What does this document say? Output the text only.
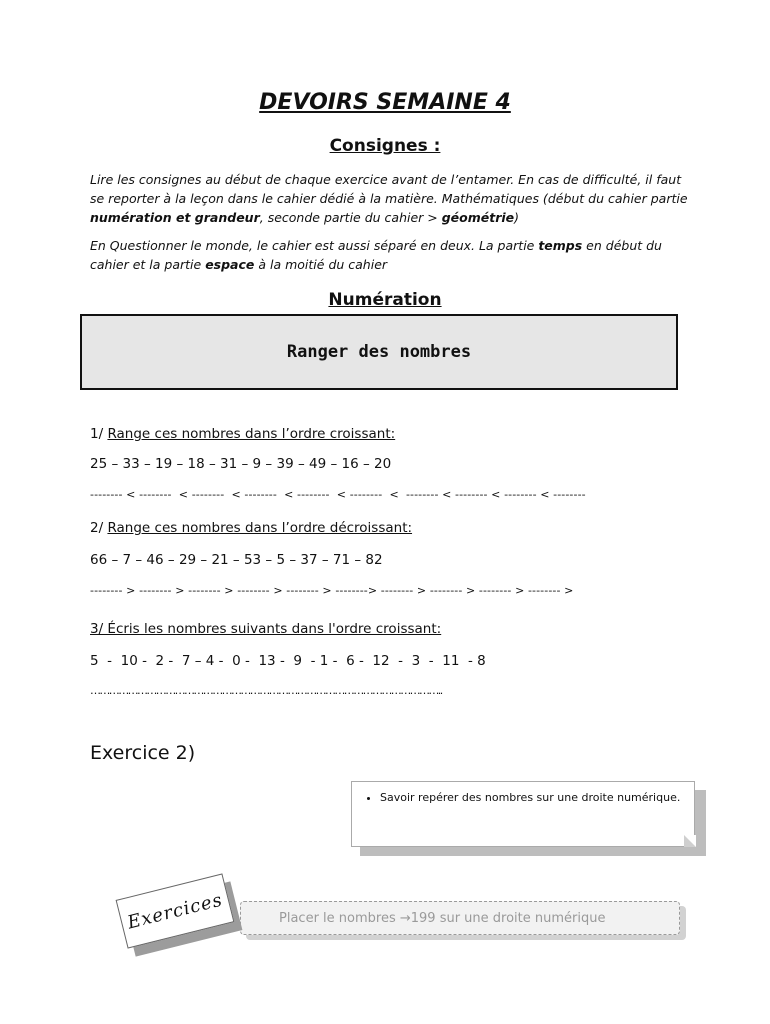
DEVOIRS SEMAINE 4
Consignes :
Lire les consignes au début de chaque exercice avant de l’entamer. En cas de difficulté, il faut se reporter à la leçon dans le cahier dédié à la matière. Mathématiques (début du cahier partie numération et grandeur, seconde partie du cahier > géométrie)
En Questionner le monde, le cahier est aussi séparé en deux. La partie temps en début du cahier et la partie espace à la moitié du cahier
Numération
Ranger des nombres
1/ Range ces nombres dans l’ordre croissant:
25 – 33 – 19 – 18 – 31 – 9 – 39 – 49 – 16 – 20
-------- < --------  < --------  < --------  < --------  < --------  <  -------- < -------- < -------- < --------
2/ Range ces nombres dans l’ordre décroissant:
66 – 7 – 46 – 29 – 21 – 53 – 5 – 37 – 71 – 82
-------- > -------- > -------- > -------- > -------- > --------> -------- > -------- > -------- > -------- >
3/ Écris les nombres suivants dans l'ordre croissant:
5  -  10 -  2 -  7 – 4 -  0 -  13 -  9  - 1 -  6 -  12  -  3  -  11  - 8
…………………………………………………………………………………………………..
Exercice 2)
• Savoir repérer des nombres sur une droite numérique.
Placer le nombres →199 sur une droite numérique
Exercices
